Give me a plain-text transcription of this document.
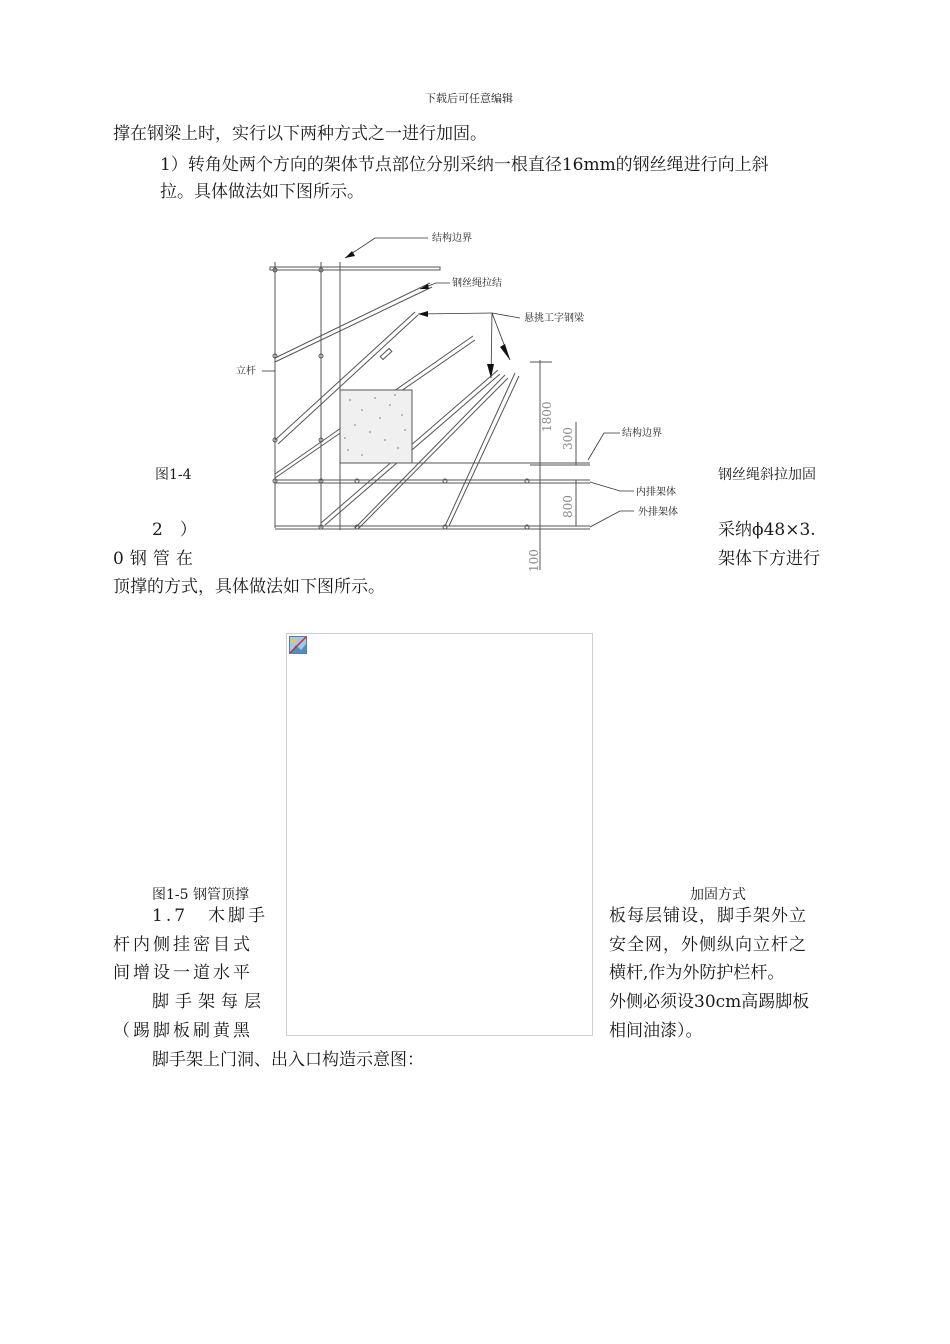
下载后可任意编辑
撑在钢梁上时，实行以下两种方式之一进行加固。
1）转角处两个方向的架体节点部位分别采纳一根直径16mm的钢丝绳进行向上斜
拉。具体做法如下图所示。
结构边界
钢丝绳拉结
悬挑工字钢梁
立杆
结构边界
内排架体
外排架体
1800
300
800
100
图1-4	钢丝绳斜拉加固
2　）	采纳ϕ48×3.
0钢管在	架体下方进行
顶撑的方式，具体做法如下图所示。
图1-5 钢管顶撑	加固方式
1.7　木脚手	板每层铺设，脚手架外立
杆内侧挂密目式	安全网，外侧纵向立杆之
间增设一道水平	横杆,作为外防护栏杆。
脚手架每层	外侧必须设30cm高踢脚板
（踢脚板刷黄黑	相间油漆）。
脚手架上门洞、出入口构造示意图：
